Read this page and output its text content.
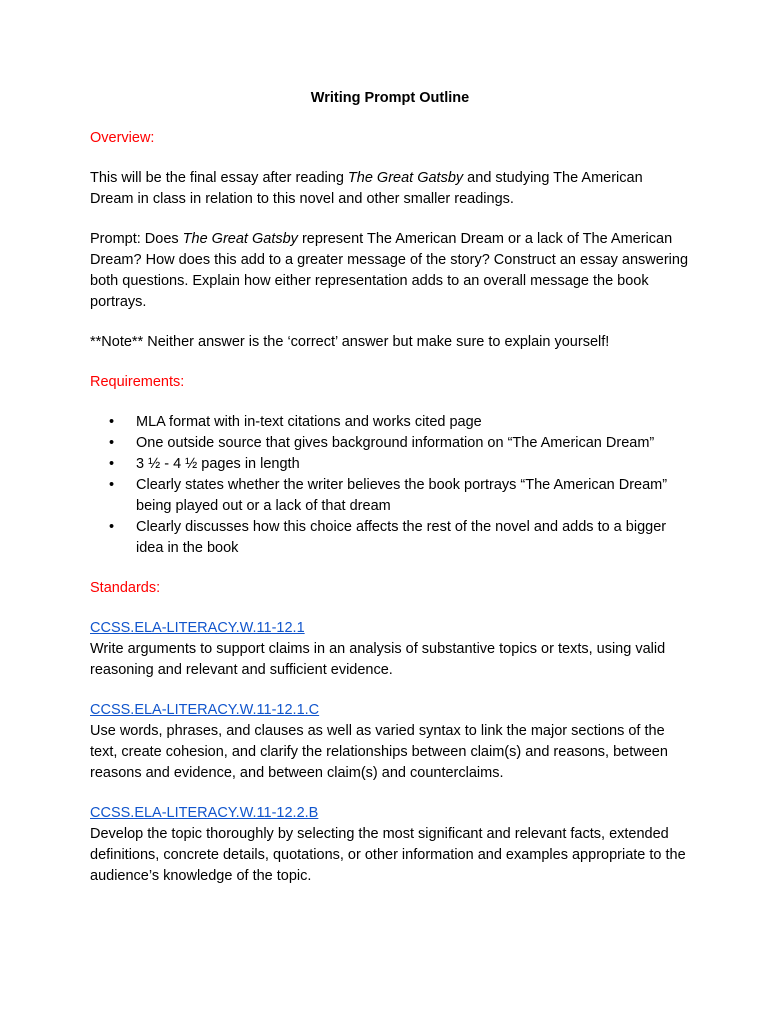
Writing Prompt Outline
Overview:

This will be the final essay after reading The Great Gatsby and studying The American Dream in class in relation to this novel and other smaller readings.

Prompt: Does The Great Gatsby represent The American Dream or a lack of The American Dream? How does this add to a greater message of the story? Construct an essay answering both questions. Explain how either representation adds to an overall message the book portrays.

**Note** Neither answer is the ‘correct’ answer but make sure to explain yourself!

Requirements:
• MLA format with in-text citations and works cited page
• One outside source that gives background information on “The American Dream”
• 3 ½ - 4 ½ pages in length
• Clearly states whether the writer believes the book portrays “The American Dream” being played out or a lack of that dream
• Clearly discusses how this choice affects the rest of the novel and adds to a bigger idea in the book
Standards:
CCSS.ELA-LITERACY.W.11-12.1
Write arguments to support claims in an analysis of substantive topics or texts, using valid reasoning and relevant and sufficient evidence.
CCSS.ELA-LITERACY.W.11-12.1.C
Use words, phrases, and clauses as well as varied syntax to link the major sections of the text, create cohesion, and clarify the relationships between claim(s) and reasons, between reasons and evidence, and between claim(s) and counterclaims.
CCSS.ELA-LITERACY.W.11-12.2.B
Develop the topic thoroughly by selecting the most significant and relevant facts, extended definitions, concrete details, quotations, or other information and examples appropriate to the audience’s knowledge of the topic.
